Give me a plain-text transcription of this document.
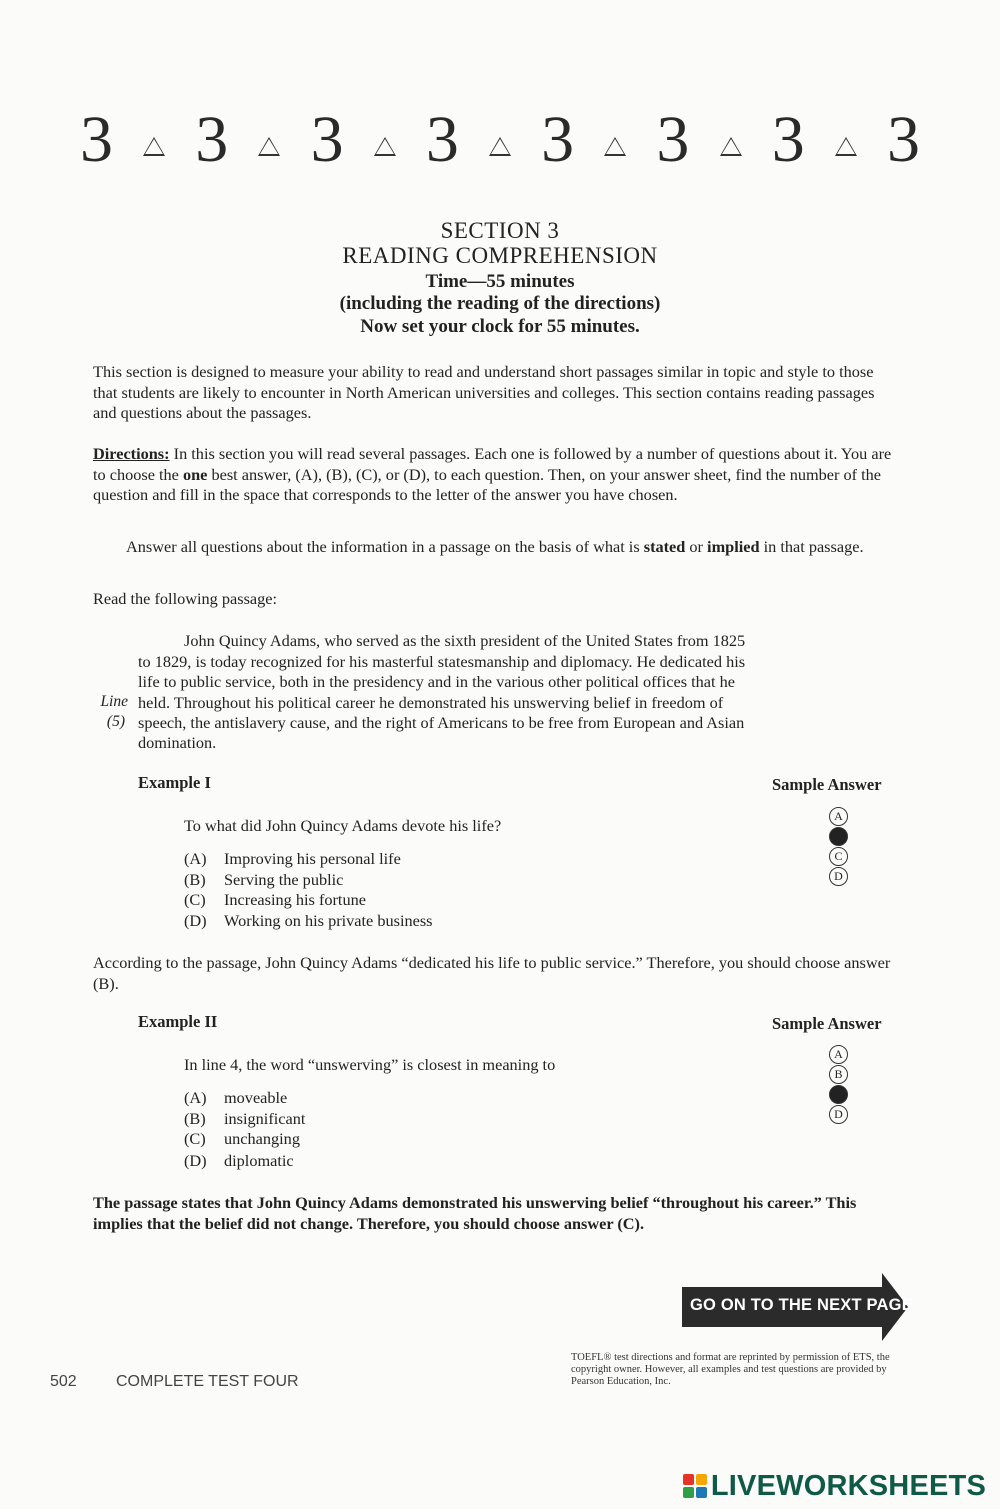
3 3 3 3 3 3 3 3
SECTION 3
READING COMPREHENSION
Time—55 minutes
(including the reading of the directions)
Now set your clock for 55 minutes.
This section is designed to measure your ability to read and understand short passages similar in topic and style to those that students are likely to encounter in North American universities and colleges. This section contains reading passages and questions about the passages.
Directions: In this section you will read several passages. Each one is followed by a number of questions about it. You are to choose the one best answer, (A), (B), (C), or (D), to each question. Then, on your answer sheet, find the number of the question and fill in the space that corresponds to the letter of the answer you have chosen.
Answer all questions about the information in a passage on the basis of what is stated or implied in that passage.
Read the following passage:
John Quincy Adams, who served as the sixth president of the United States from 1825
to 1829, is today recognized for his masterful statesmanship and diplomacy. He dedicated his
life to public service, both in the presidency and in the various other political offices that he
held. Throughout his political career he demonstrated his unswerving belief in freedom of
speech, the antislavery cause, and the right of Americans to be free from European and Asian
domination.
Line
(5)
Example I	Sample Answer
To what did John Quincy Adams devote his life?
(A) Improving his personal life
(B) Serving the public
(C) Increasing his fortune
(D) Working on his private business
A
C
D
According to the passage, John Quincy Adams “dedicated his life to public service.” Therefore, you should choose answer (B).
Example II	Sample Answer
In line 4, the word “unswerving” is closest in meaning to
(A) moveable
(B) insignificant
(C) unchanging
(D) diplomatic
A
B
D
The passage states that John Quincy Adams demonstrated his unswerving belief “throughout his career.” This implies that the belief did not change. Therefore, you should choose answer (C).
GO ON TO THE NEXT PAGE
TOEFL® test directions and format are reprinted by permission of ETS, the copyright owner. However, all examples and test questions are provided by Pearson Education, Inc.
502 COMPLETE TEST FOUR
LIVEWORKSHEETS
